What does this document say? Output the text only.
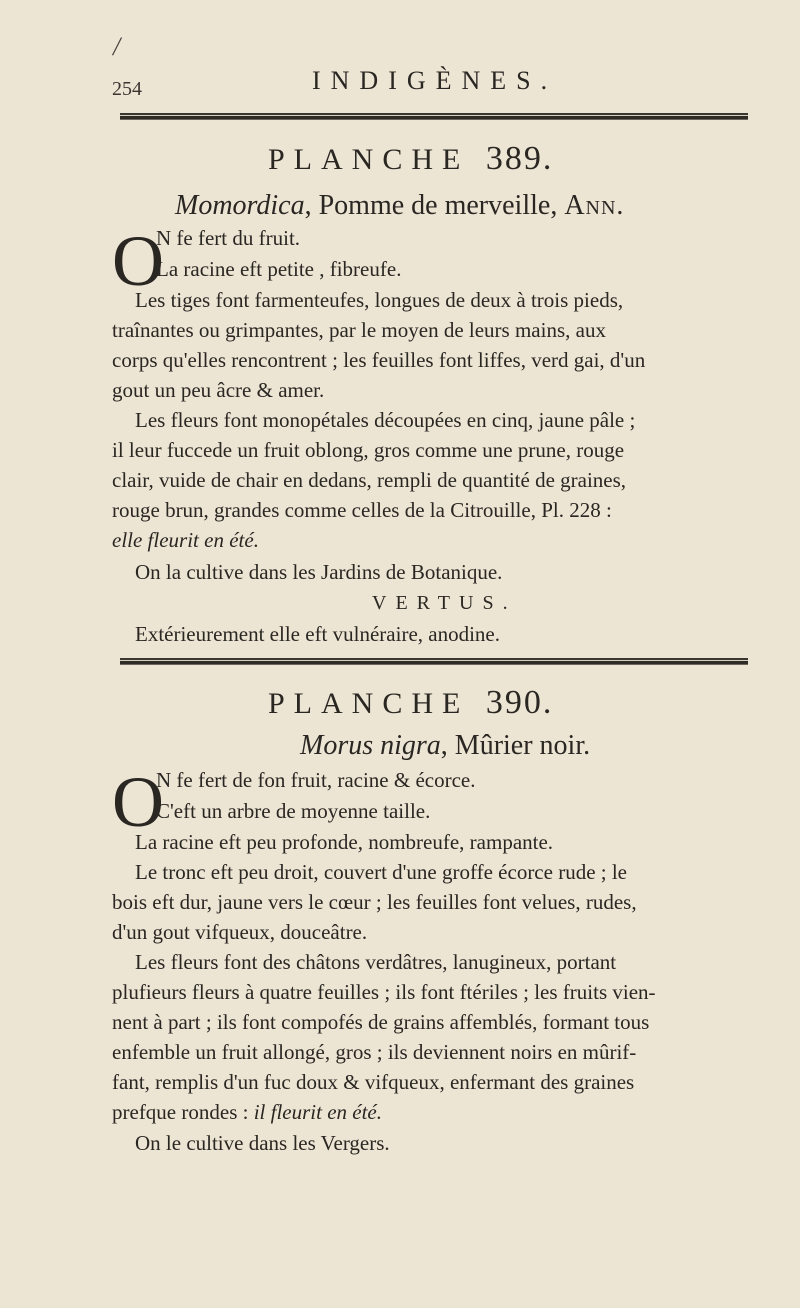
/
254	INDIGÈNES.
PLANCHE 389.
Momordica, Pomme de merveille, Ann.
O
N fe fert du fruit.
La racine eft petite , fibreufe.
Les tiges font farmenteufes, longues de deux à trois pieds,
traînantes ou grimpantes, par le moyen de leurs mains, aux
corps qu'elles rencontrent ; les feuilles font liffes, verd gai, d'un
gout un peu âcre & amer.
Les fleurs font monopétales découpées en cinq, jaune pâle ;
il leur fuccede un fruit oblong, gros comme une prune, rouge
clair, vuide de chair en dedans, rempli de quantité de graines,
rouge brun, grandes comme celles de la Citrouille, Pl. 228 :
elle fleurit en été.
On la cultive dans les Jardins de Botanique.
VERTUS.
Extérieurement elle eft vulnéraire, anodine.
PLANCHE 390.
Morus nigra, Mûrier noir.
O
N fe fert de fon fruit, racine & écorce.
C'eft un arbre de moyenne taille.
La racine eft peu profonde, nombreufe, rampante.
Le tronc eft peu droit, couvert d'une groffe écorce rude ; le
bois eft dur, jaune vers le cœur ; les feuilles font velues, rudes,
d'un gout vifqueux, douceâtre.
Les fleurs font des châtons verdâtres, lanugineux, portant
plufieurs fleurs à quatre feuilles ; ils font ftériles ; les fruits vien-
nent à part ; ils font compofés de grains affemblés, formant tous
enfemble un fruit allongé, gros ; ils deviennent noirs en mûrif-
fant, remplis d'un fuc doux & vifqueux, enfermant des graines
prefque rondes : il fleurit en été.
On le cultive dans les Vergers.
